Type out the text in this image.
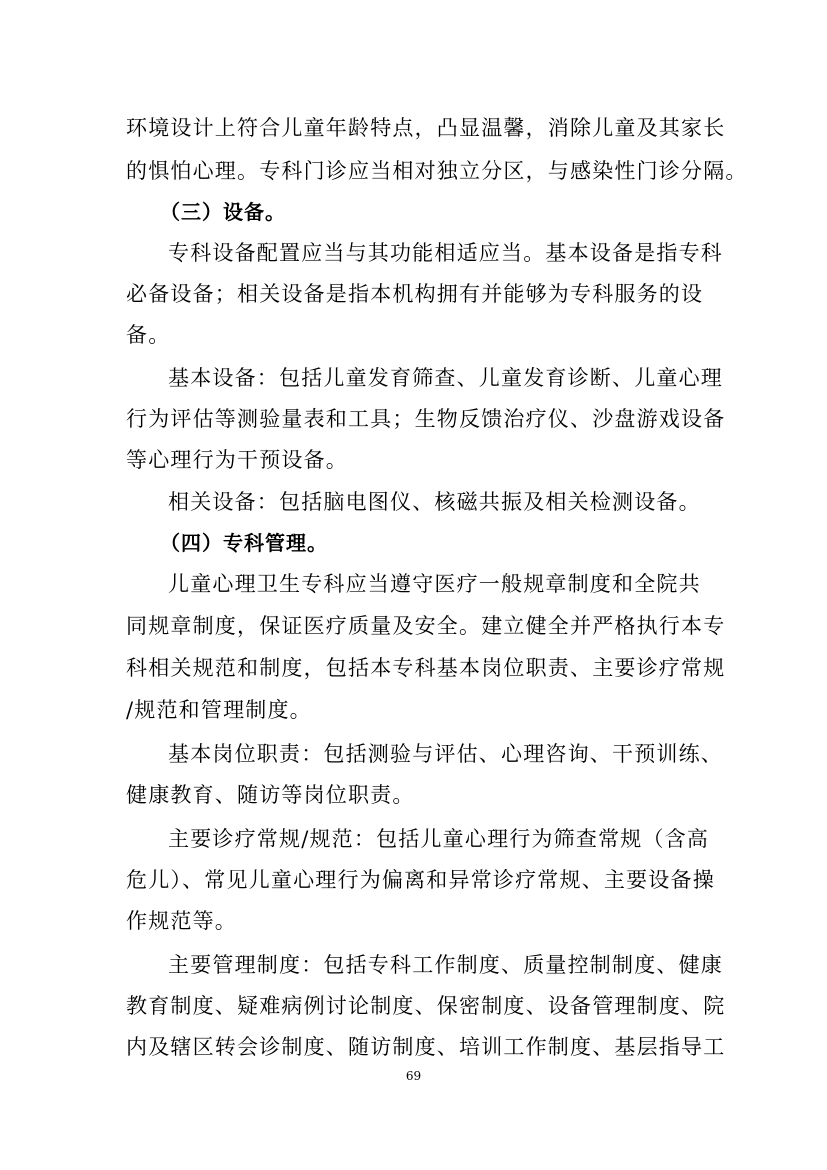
环境设计上符合儿童年龄特点，凸显温馨，消除儿童及其家长
的惧怕心理。专科门诊应当相对独立分区，与感染性门诊分隔。
（三）设备。
专科设备配置应当与其功能相适应当。基本设备是指专科
必备设备；相关设备是指本机构拥有并能够为专科服务的设
备。
基本设备：包括儿童发育筛查、儿童发育诊断、儿童心理
行为评估等测验量表和工具；生物反馈治疗仪、沙盘游戏设备
等心理行为干预设备。
相关设备：包括脑电图仪、核磁共振及相关检测设备。
（四）专科管理。
儿童心理卫生专科应当遵守医疗一般规章制度和全院共
同规章制度，保证医疗质量及安全。建立健全并严格执行本专
科相关规范和制度，包括本专科基本岗位职责、主要诊疗常规
/规范和管理制度。
基本岗位职责：包括测验与评估、心理咨询、干预训练、
健康教育、随访等岗位职责。
主要诊疗常规/规范：包括儿童心理行为筛查常规（含高
危儿）、常见儿童心理行为偏离和异常诊疗常规、主要设备操
作规范等。
主要管理制度：包括专科工作制度、质量控制制度、健康
教育制度、疑难病例讨论制度、保密制度、设备管理制度、院
内及辖区转会诊制度、随访制度、培训工作制度、基层指导工
69
